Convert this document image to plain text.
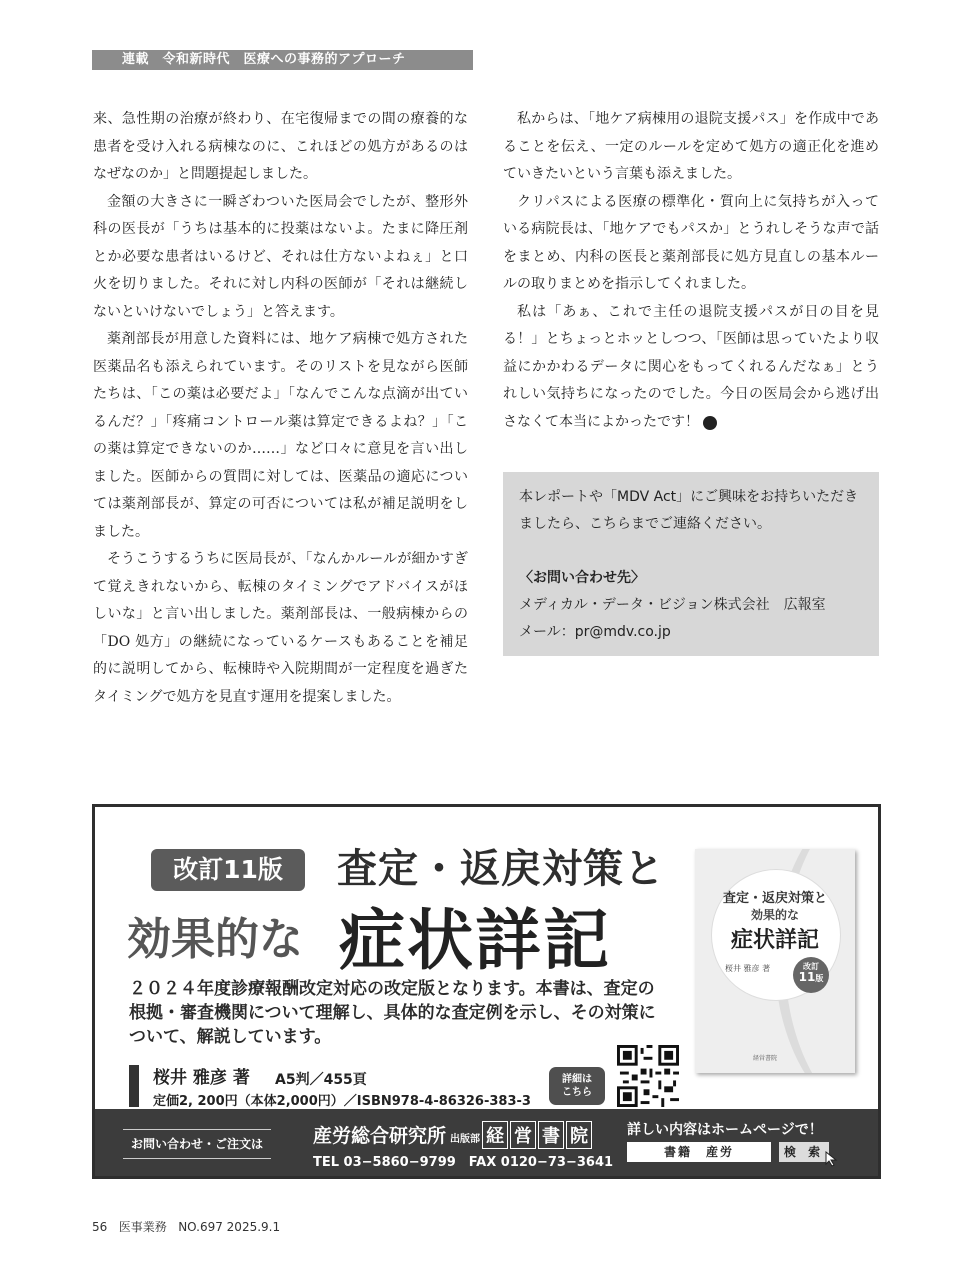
連載　令和新時代　医療への事務的アプローチ

来、急性期の治療が終わり、在宅復帰までの間の療養的な患者を受け入れる病棟なのに、これほどの処方があるのはなぜなのか」と問題提起しました。

金額の大きさに一瞬ざわついた医局会でしたが、整形外科の医長が「うちは基本的に投薬はないよ。たまに降圧剤とか必要な患者はいるけど、それは仕方ないよねぇ」と口火を切りました。それに対し内科の医師が「それは継続しないといけないでしょう」と答えます。

薬剤部長が用意した資料には、地ケア病棟で処方された医薬品名も添えられています。そのリストを見ながら医師たちは、「この薬は必要だよ」「なんでこんな点滴が出ているんだ？」「疼痛コントロール薬は算定できるよね？」「この薬は算定できないのか……」など口々に意見を言い出しました。医師からの質問に対しては、医薬品の適応については薬剤部長が、算定の可否については私が補足説明をしました。

そうこうするうちに医局長が、「なんかルールが細かすぎて覚えきれないから、転棟のタイミングでアドバイスがほしいな」と言い出しました。薬剤部長は、一般病棟からの「DO 処方」の継続になっているケースもあることを補足的に説明してから、転棟時や入院期間が一定程度を過ぎたタイミングで処方を見直す運用を提案しました。

私からは、「地ケア病棟用の退院支援パス」を作成中であることを伝え、一定のルールを定めて処方の適正化を進めていきたいという言葉も添えました。

クリパスによる医療の標準化・質向上に気持ちが入っている病院長は、「地ケアでもパスか」とうれしそうな声で話をまとめ、内科の医長と薬剤部長に処方見直しの基本ルールの取りまとめを指示してくれました。

私は「あぁ、これで主任の退院支援パスが日の目を見る！」とちょっとホッとしつつ、「医師は思っていたより収益にかかわるデータに関心をもってくれるんだなぁ」とうれしい気持ちになったのでした。今日の医局会から逃げ出さなくて本当によかったです！ M

本レポートや「MDV Act」にご興味をお持ちいただきましたら、こちらまでご連絡ください。
〈お問い合わせ先〉
メディカル・データ・ビジョン株式会社　広報室
メール：pr@mdv.co.jp
改訂11版	査定・返戻対策と
効果的な 症状詳記
２０２４年度診療報酬改定対応の改定版となります。本書は、査定の根拠・審査機関について理解し、具体的な査定例を示し、その対策について、解説しています。
桜井 雅彦 著 A5判／455頁
定価2, 200円（本体2,000円）／ISBN978-4-86326-383-3
詳細は
こちら
査定・返戻対策と
効果的な
症状詳記
桜井 雅彦 著	改訂
11版
経営書院
お問い合わせ・ご注文は	産労総合研究所 出版部 経 営 書 院
TEL 03−5860−9799　FAX 0120−73−3641
詳しい内容はホームページで！
書籍　産労	検 索
56 医事業務 NO.697 2025.9.1
